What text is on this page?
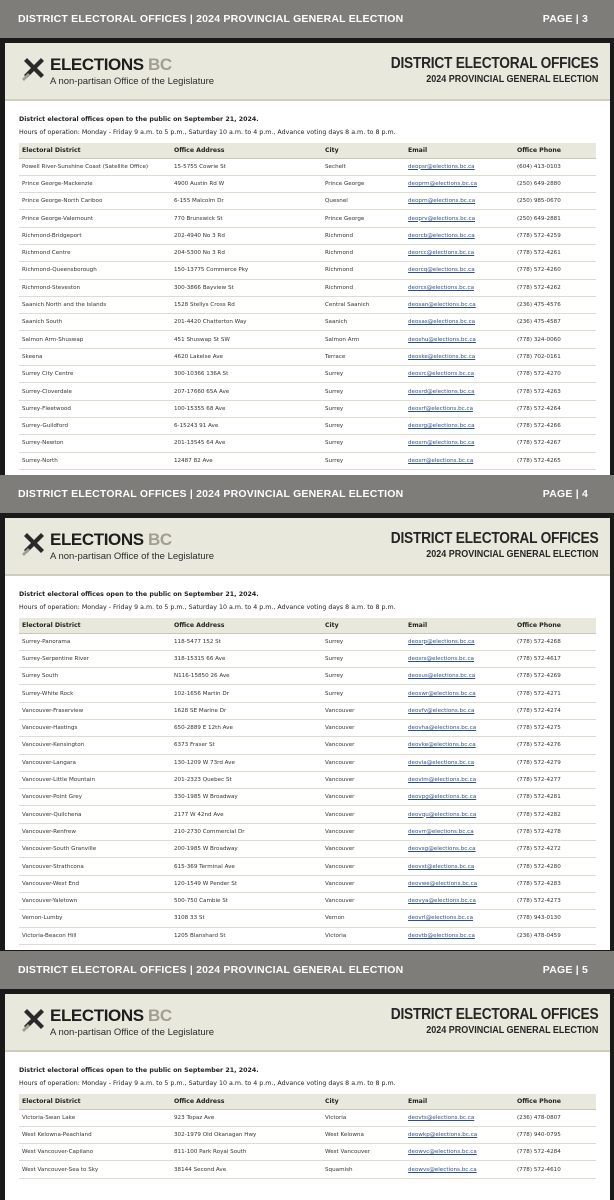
DISTRICT ELECTORAL OFFICES | 2024 PROVINCIAL GENERAL ELECTION	PAGE | 3
ELECTIONS BC
A non-partisan Office of the Legislature
DISTRICT ELECTORAL OFFICES
2024 PROVINCIAL GENERAL ELECTION
District electoral offices open to the public on September 21, 2024.
Hours of operation: Monday - Friday 9 a.m. to 5 p.m., Saturday 10 a.m. to 4 p.m., Advance voting days 8 a.m. to 8 p.m.
Electoral District	Office Address	City	Email	Office Phone
Powell River-Sunshine Coast (Satellite Office)	15-5755 Cowrie St	Sechelt	deopsr@elections.bc.ca	(604) 413-0103
Prince George-Mackenzie	4900 Austin Rd W	Prince George	deoprm@elections.bc.ca	(250) 649-2880
Prince George-North Cariboo	6-155 Malcolm Dr	Quesnel	deoprn@elections.bc.ca	(250) 985-0670
Prince George-Valemount	770 Brunswick St	Prince George	deoprv@elections.bc.ca	(250) 649-2881
Richmond-Bridgeport	202-4940 No 3 Rd	Richmond	deorcb@elections.bc.ca	(778) 572-4259
Richmond Centre	204-5300 No 3 Rd	Richmond	deorcc@elections.bc.ca	(778) 572-4261
Richmond-Queensborough	150-13775 Commerce Pky	Richmond	deorcq@elections.bc.ca	(778) 572-4260
Richmond-Steveston	300-3866 Bayview St	Richmond	deorcs@elections.bc.ca	(778) 572-4262
Saanich North and the Islands	1528 Stellys Cross Rd	Central Saanich	deosan@elections.bc.ca	(236) 475-4576
Saanich South	201-4420 Chatterton Way	Saanich	deosas@elections.bc.ca	(236) 475-4587
Salmon Arm-Shuswap	451 Shuswap St SW	Salmon Arm	deoshu@elections.bc.ca	(778) 324-0060
Skeena	4620 Lakelse Ave	Terrace	deoske@elections.bc.ca	(778) 702-0161
Surrey City Centre	300-10366 136A St	Surrey	deosrc@elections.bc.ca	(778) 572-4270
Surrey-Cloverdale	207-17660 65A Ave	Surrey	deosrd@elections.bc.ca	(778) 572-4263
Surrey-Fleetwood	100-15355 68 Ave	Surrey	deosrf@elections.bc.ca	(778) 572-4264
Surrey-Guildford	6-15243 91 Ave	Surrey	deosrg@elections.bc.ca	(778) 572-4266
Surrey-Newton	201-13545 64 Ave	Surrey	deosrn@elections.bc.ca	(778) 572-4267
Surrey-North	12487 82 Ave	Surrey	deosrr@elections.bc.ca	(778) 572-4265
DISTRICT ELECTORAL OFFICES | 2024 PROVINCIAL GENERAL ELECTION	PAGE | 4
ELECTIONS BC
A non-partisan Office of the Legislature
DISTRICT ELECTORAL OFFICES
2024 PROVINCIAL GENERAL ELECTION
District electoral offices open to the public on September 21, 2024.
Hours of operation: Monday - Friday 9 a.m. to 5 p.m., Saturday 10 a.m. to 4 p.m., Advance voting days 8 a.m. to 8 p.m.
Electoral District	Office Address	City	Email	Office Phone
Surrey-Panorama	118-5477 152 St	Surrey	deosrp@elections.bc.ca	(778) 572-4268
Surrey-Serpentine River	318-15315 66 Ave	Surrey	deosrs@elections.bc.ca	(778) 572-4617
Surrey South	N116-15850 26 Ave	Surrey	deosus@elections.bc.ca	(778) 572-4269
Surrey-White Rock	102-1656 Martin Dr	Surrey	deoswr@elections.bc.ca	(778) 572-4271
Vancouver-Fraserview	1628 SE Marine Dr	Vancouver	deovfv@elections.bc.ca	(778) 572-4274
Vancouver-Hastings	650-2889 E 12th Ave	Vancouver	deovha@elections.bc.ca	(778) 572-4275
Vancouver-Kensington	6373 Fraser St	Vancouver	deovke@elections.bc.ca	(778) 572-4276
Vancouver-Langara	130-1209 W 73rd Ave	Vancouver	deovla@elections.bc.ca	(778) 572-4279
Vancouver-Little Mountain	201-2323 Quebec St	Vancouver	deovlm@elections.bc.ca	(778) 572-4277
Vancouver-Point Grey	330-1985 W Broadway	Vancouver	deovpg@elections.bc.ca	(778) 572-4281
Vancouver-Quilchena	2177 W 42nd Ave	Vancouver	deovqu@elections.bc.ca	(778) 572-4282
Vancouver-Renfrew	210-2730 Commercial Dr	Vancouver	deovrr@elections.bc.ca	(778) 572-4278
Vancouver-South Granville	200-1985 W Broadway	Vancouver	deovsg@elections.bc.ca	(778) 572-4272
Vancouver-Strathcona	615-369 Terminal Ave	Vancouver	deovst@elections.bc.ca	(778) 572-4280
Vancouver-West End	120-1549 W Pender St	Vancouver	deovwe@elections.bc.ca	(778) 572-4283
Vancouver-Yaletown	500-750 Cambie St	Vancouver	deovya@elections.bc.ca	(778) 572-4273
Vernon-Lumby	3108 33 St	Vernon	deovrl@elections.bc.ca	(778) 943-0130
Victoria-Beacon Hill	1205 Blanshard St	Victoria	deovtb@elections.bc.ca	(236) 478-0459
DISTRICT ELECTORAL OFFICES | 2024 PROVINCIAL GENERAL ELECTION	PAGE | 5
ELECTIONS BC
A non-partisan Office of the Legislature
DISTRICT ELECTORAL OFFICES
2024 PROVINCIAL GENERAL ELECTION
District electoral offices open to the public on September 21, 2024.
Hours of operation: Monday - Friday 9 a.m. to 5 p.m., Saturday 10 a.m. to 4 p.m., Advance voting days 8 a.m. to 8 p.m.
Electoral District	Office Address	City	Email	Office Phone
Victoria-Swan Lake	923 Topaz Ave	Victoria	deovts@elections.bc.ca	(236) 478-0807
West Kelowna-Peachland	302-1979 Old Okanagan Hwy	West Kelowna	deowkp@elections.bc.ca	(778) 940-0795
West Vancouver-Capilano	811-100 Park Royal South	West Vancouver	deowvc@elections.bc.ca	(778) 572-4284
West Vancouver-Sea to Sky	38144 Second Ave	Squamish	deowvs@elections.bc.ca	(778) 572-4610
